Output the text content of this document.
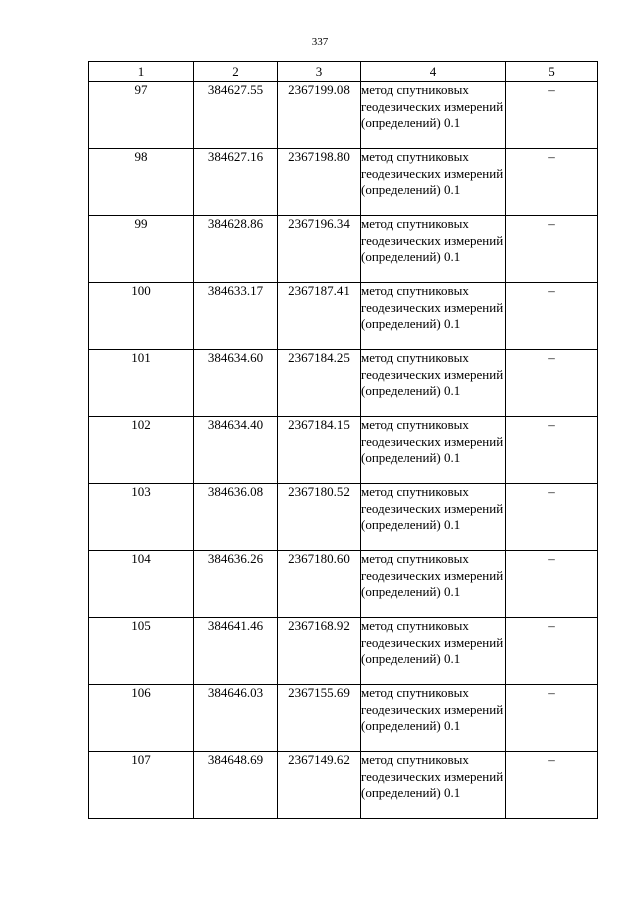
337
1	2	3	4	5
97	384627.55	2367199.08	метод спутниковых геодезических измерений (определений) 0.1	–
98	384627.16	2367198.80	метод спутниковых геодезических измерений (определений) 0.1	–
99	384628.86	2367196.34	метод спутниковых геодезических измерений (определений) 0.1	–
100	384633.17	2367187.41	метод спутниковых геодезических измерений (определений) 0.1	–
101	384634.60	2367184.25	метод спутниковых геодезических измерений (определений) 0.1	–
102	384634.40	2367184.15	метод спутниковых геодезических измерений (определений) 0.1	–
103	384636.08	2367180.52	метод спутниковых геодезических измерений (определений) 0.1	–
104	384636.26	2367180.60	метод спутниковых геодезических измерений (определений) 0.1	–
105	384641.46	2367168.92	метод спутниковых геодезических измерений (определений) 0.1	–
106	384646.03	2367155.69	метод спутниковых геодезических измерений (определений) 0.1	–
107	384648.69	2367149.62	метод спутниковых геодезических измерений (определений) 0.1	–
